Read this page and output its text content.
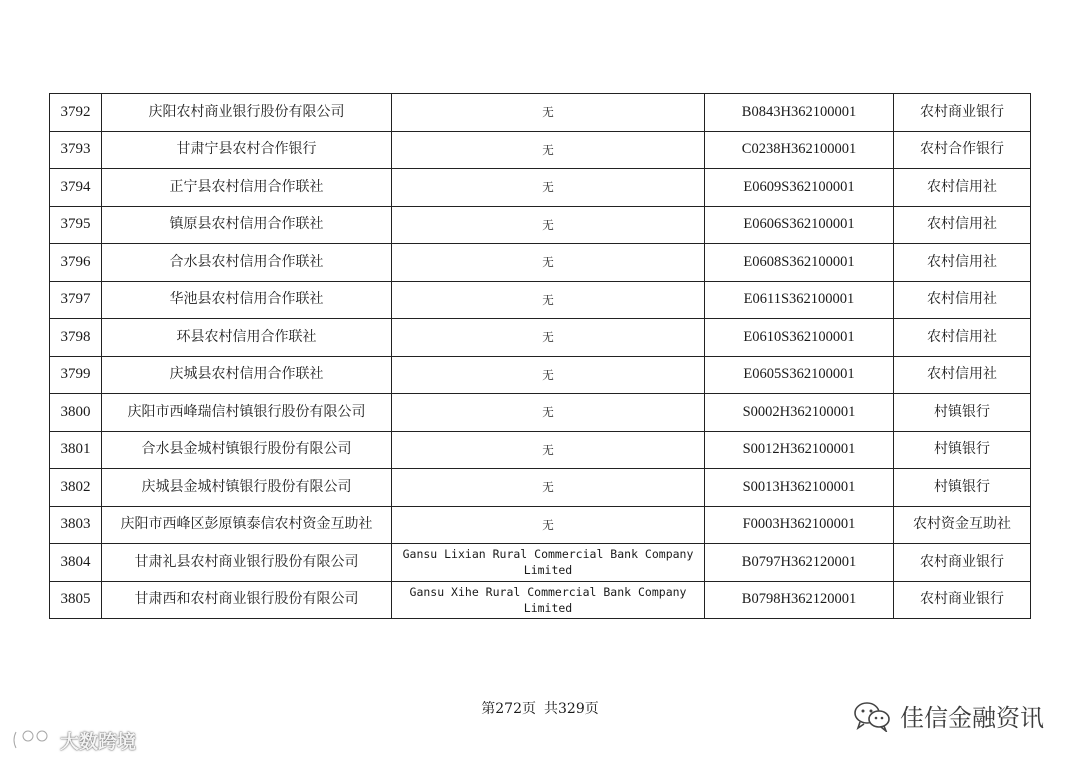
3792	庆阳农村商业银行股份有限公司	无	B0843H362100001	农村商业银行
3793	甘肃宁县农村合作银行	无	C0238H362100001	农村合作银行
3794	正宁县农村信用合作联社	无	E0609S362100001	农村信用社
3795	镇原县农村信用合作联社	无	E0606S362100001	农村信用社
3796	合水县农村信用合作联社	无	E0608S362100001	农村信用社
3797	华池县农村信用合作联社	无	E0611S362100001	农村信用社
3798	环县农村信用合作联社	无	E0610S362100001	农村信用社
3799	庆城县农村信用合作联社	无	E0605S362100001	农村信用社
3800	庆阳市西峰瑞信村镇银行股份有限公司	无	S0002H362100001	村镇银行
3801	合水县金城村镇银行股份有限公司	无	S0012H362100001	村镇银行
3802	庆城县金城村镇银行股份有限公司	无	S0013H362100001	村镇银行
3803	庆阳市西峰区彭原镇泰信农村资金互助社	无	F0003H362100001	农村资金互助社
3804	甘肃礼县农村商业银行股份有限公司	Gansu Lixian Rural Commercial Bank Company Limited	B0797H362120001	农村商业银行
3805	甘肃西和农村商业银行股份有限公司	Gansu Xihe Rural Commercial Bank Company Limited	B0798H362120001	农村商业银行
第272页 共329页
大数跨境
佳信金融资讯
